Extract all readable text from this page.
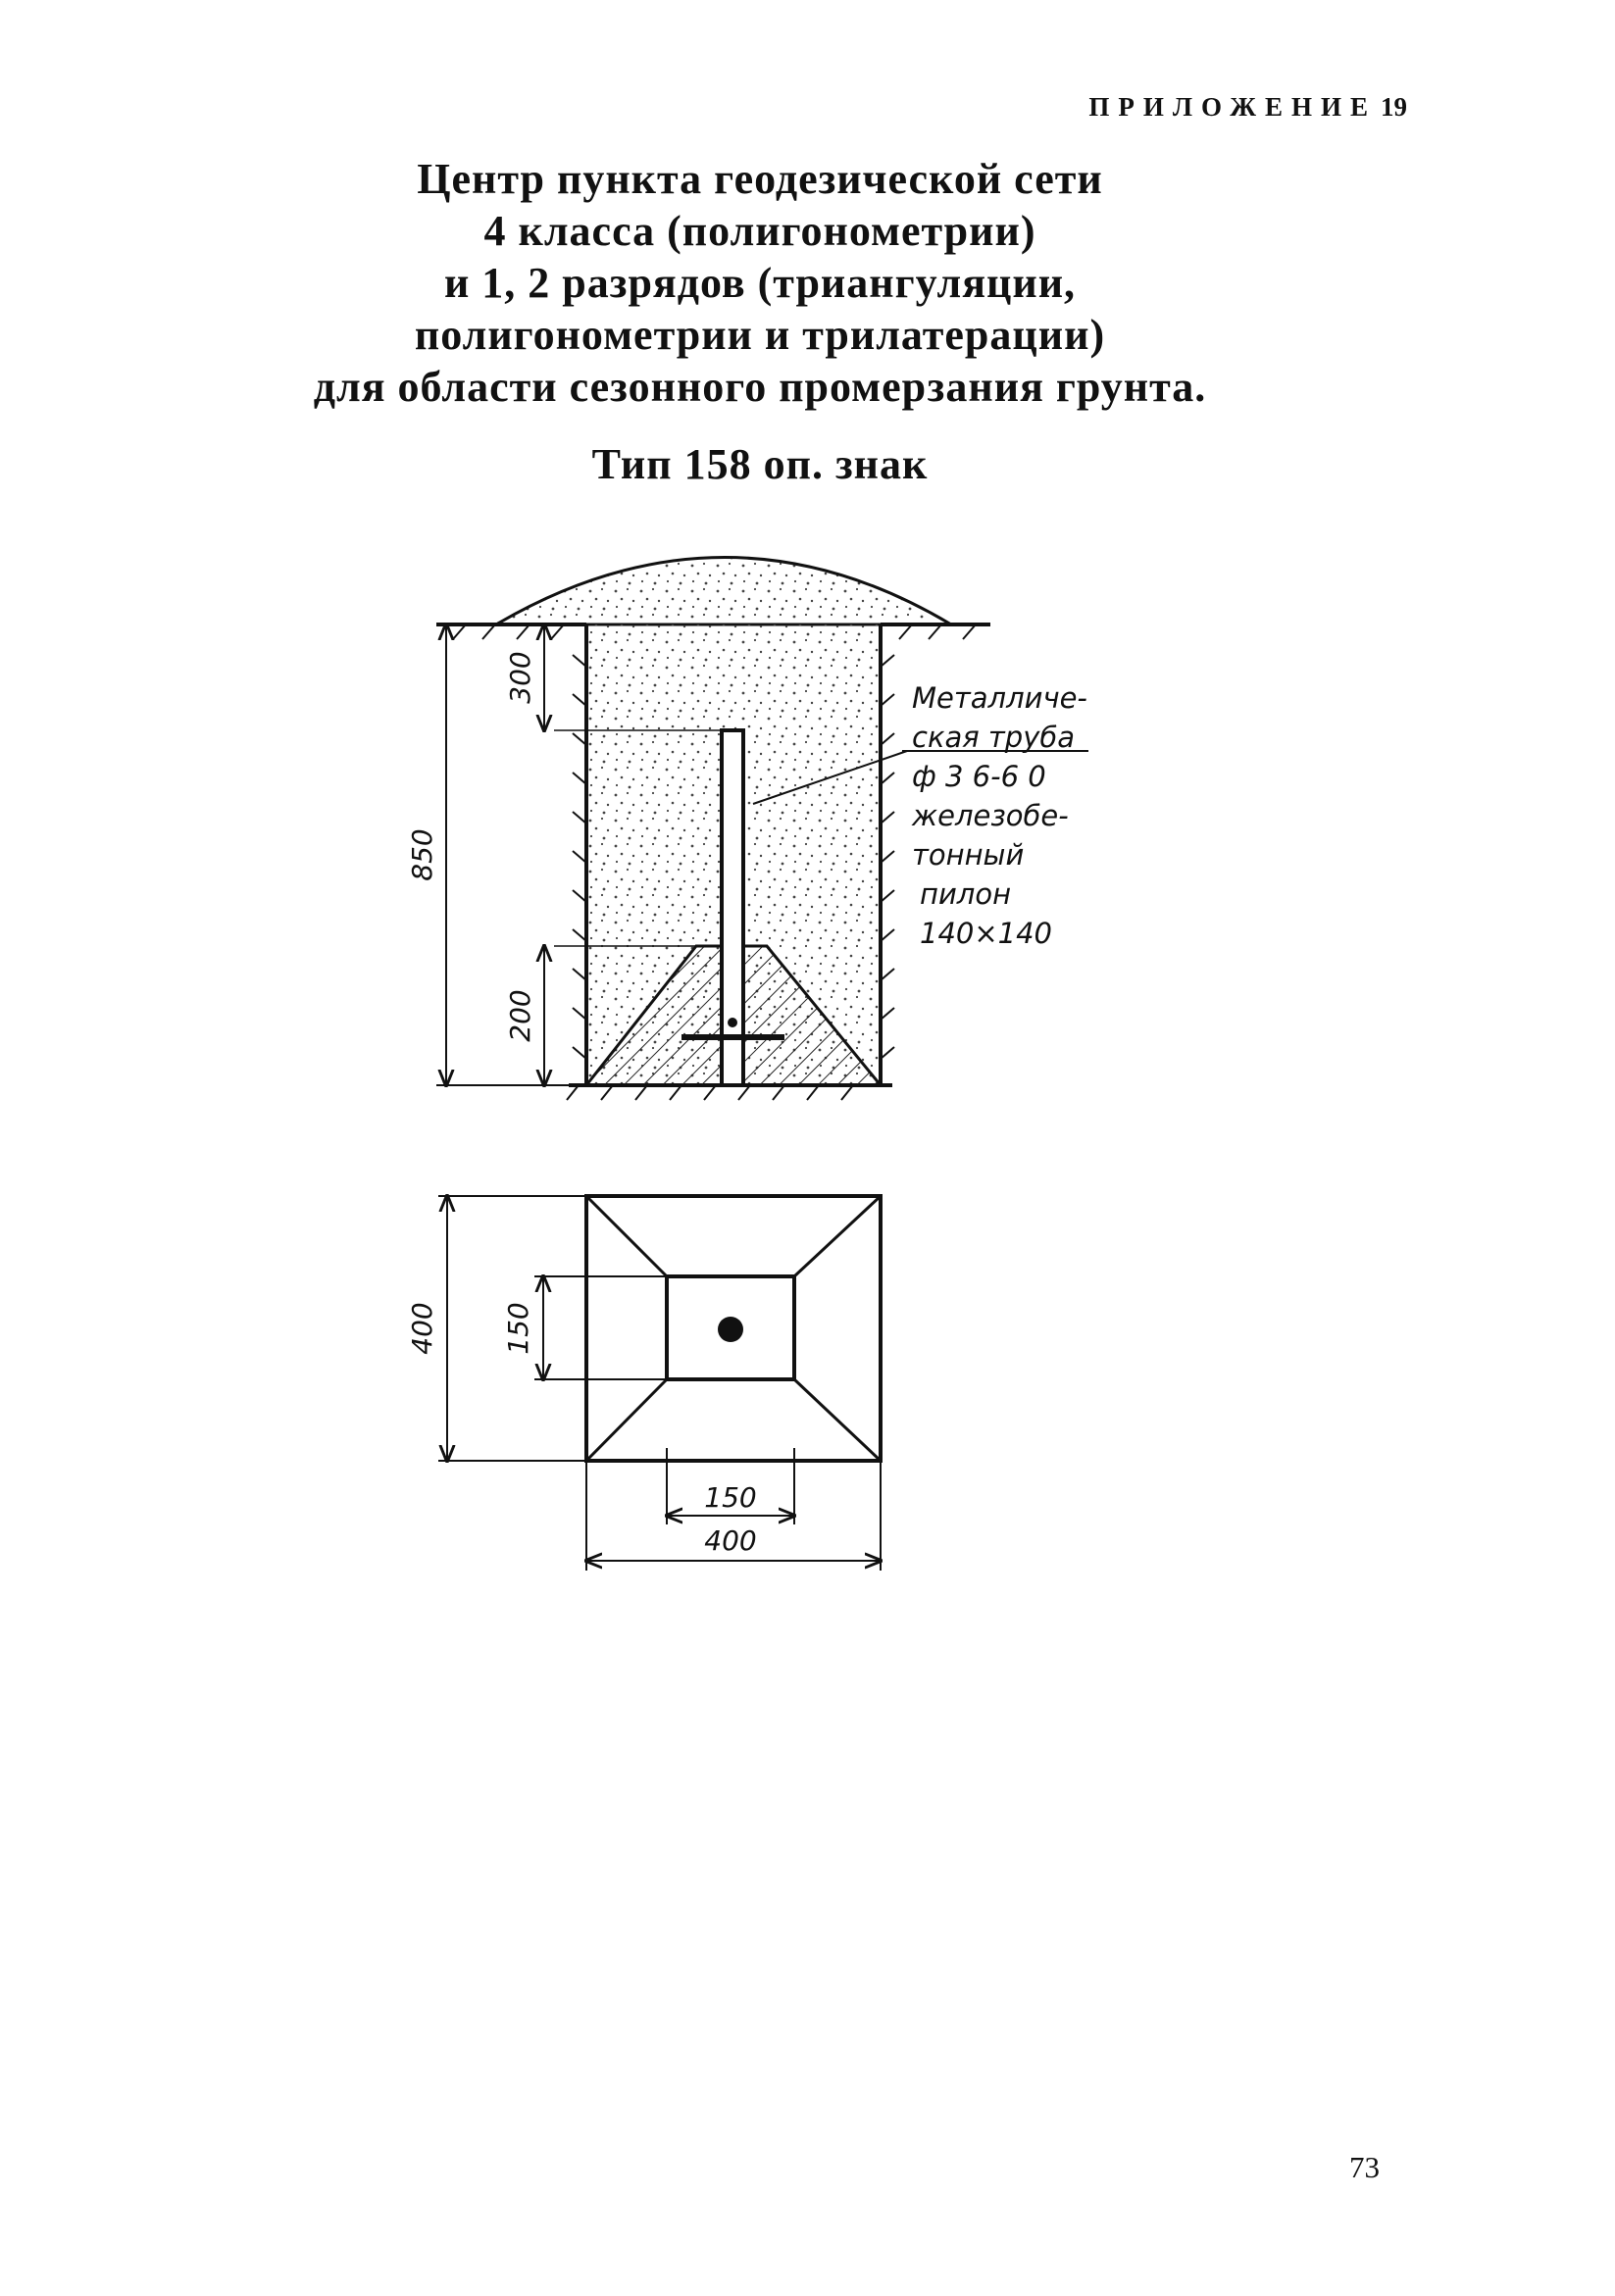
ПРИЛОЖЕНИЕ 19
Центр пункта геодезической сети
4 класса (полигонометрии)
и 1, 2 разрядов (триангуляции,
полигонометрии и трилатерации)
для области сезонного промерзания грунта.
Тип 158 оп. знак
850
300
200
Металличе-
ская труба
ф 3 6-6 0
железобе-
тонный
пилон
140×140
400 150
150
400
73
